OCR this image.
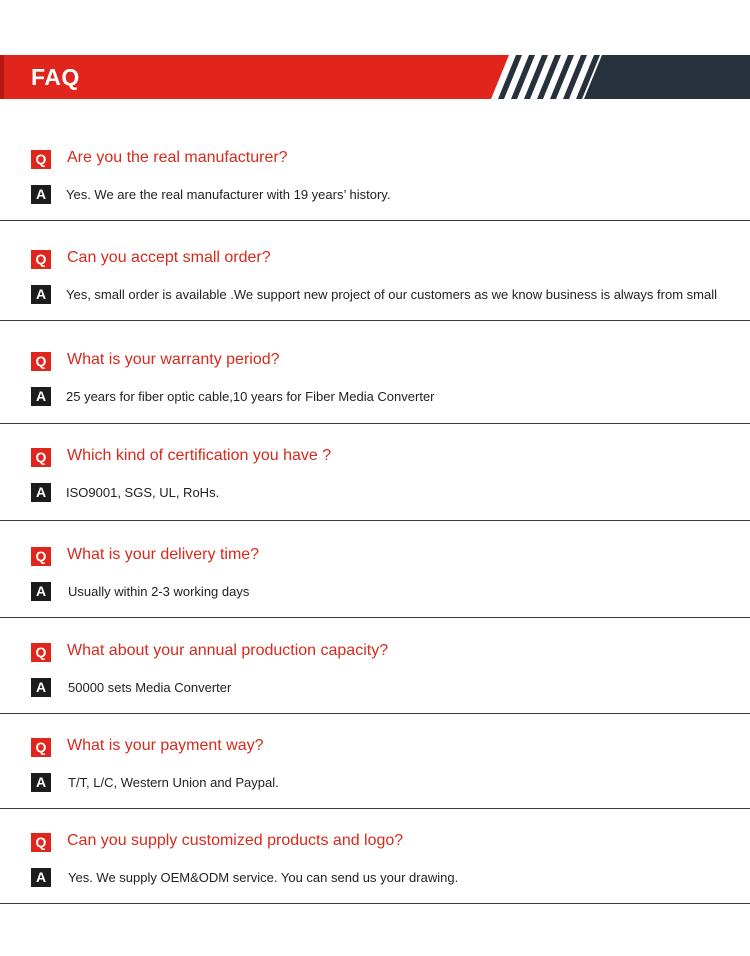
FAQ
Q Are you the real manufacturer?
A	Yes. We are the real manufacturer with 19 years’ history.
Q Can you accept small order?
A	Yes, small order is available .We support new project of our customers as we know business is always from small
Q What is your warranty period?
A	25 years for fiber optic cable,10 years for Fiber Media Converter
Q Which kind of certification you have ?
A	ISO9001, SGS, UL, RoHs.
Q What is your delivery time?
A	Usually within 2-3 working days
Q What about your annual production capacity?
A	50000 sets Media Converter
Q What is your payment way?
A	T/T, L/C, Western Union and Paypal.
Q Can you supply customized products and logo?
A	Yes. We supply OEM&ODM service. You can send us your drawing.
